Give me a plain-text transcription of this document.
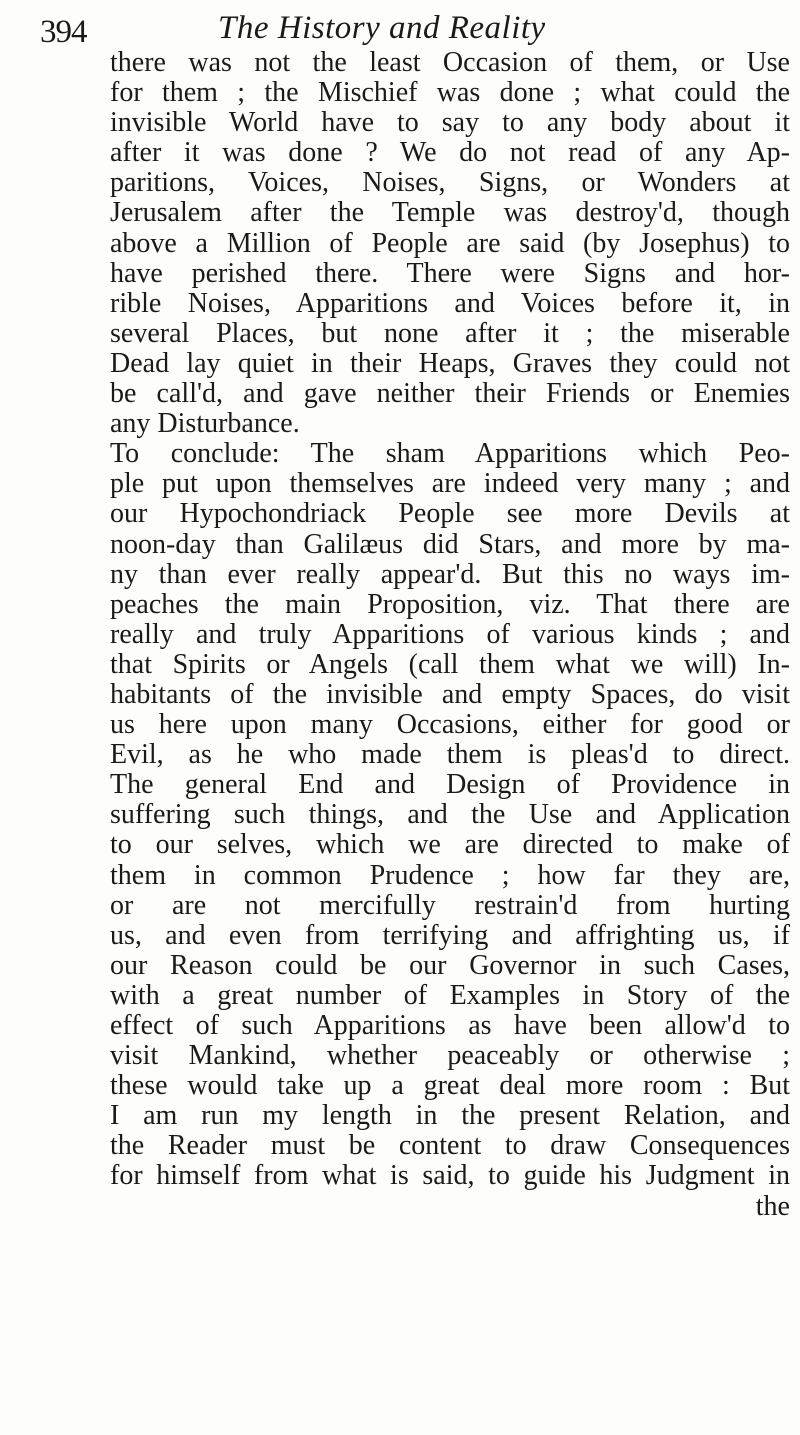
394	The History and Reality
there was not the least Occasion of them, or Use
for them ; the Mischief was done ; what could the
invisible World have to say to any body about it
after it was done ? We do not read of any Ap-
paritions, Voices, Noises, Signs, or Wonders at
Jerusalem after the Temple was destroy'd, though
above a Million of People are said (by Josephus) to
have perished there. There were Signs and hor-
rible Noises, Apparitions and Voices before it, in
several Places, but none after it ; the miserable
Dead lay quiet in their Heaps, Graves they could not
be call'd, and gave neither their Friends or Enemies
any Disturbance.
To conclude: The sham Apparitions which Peo-
ple put upon themselves are indeed very many ; and
our Hypochondriack People see more Devils at
noon-day than Galilæus did Stars, and more by ma-
ny than ever really appear'd. But this no ways im-
peaches the main Proposition, viz. That there are
really and truly Apparitions of various kinds ; and
that Spirits or Angels (call them what we will) In-
habitants of the invisible and empty Spaces, do visit
us here upon many Occasions, either for good or
Evil, as he who made them is pleas'd to direct.
The general End and Design of Providence in
suffering such things, and the Use and Application
to our selves, which we are directed to make of
them in common Prudence ; how far they are,
or are not mercifully restrain'd from hurting
us, and even from terrifying and affrighting us, if
our Reason could be our Governor in such Cases,
with a great number of Examples in Story of the
effect of such Apparitions as have been allow'd to
visit Mankind, whether peaceably or otherwise ;
these would take up a great deal more room : But
I am run my length in the present Relation, and
the Reader must be content to draw Consequences
for himself from what is said, to guide his Judgment in
the
